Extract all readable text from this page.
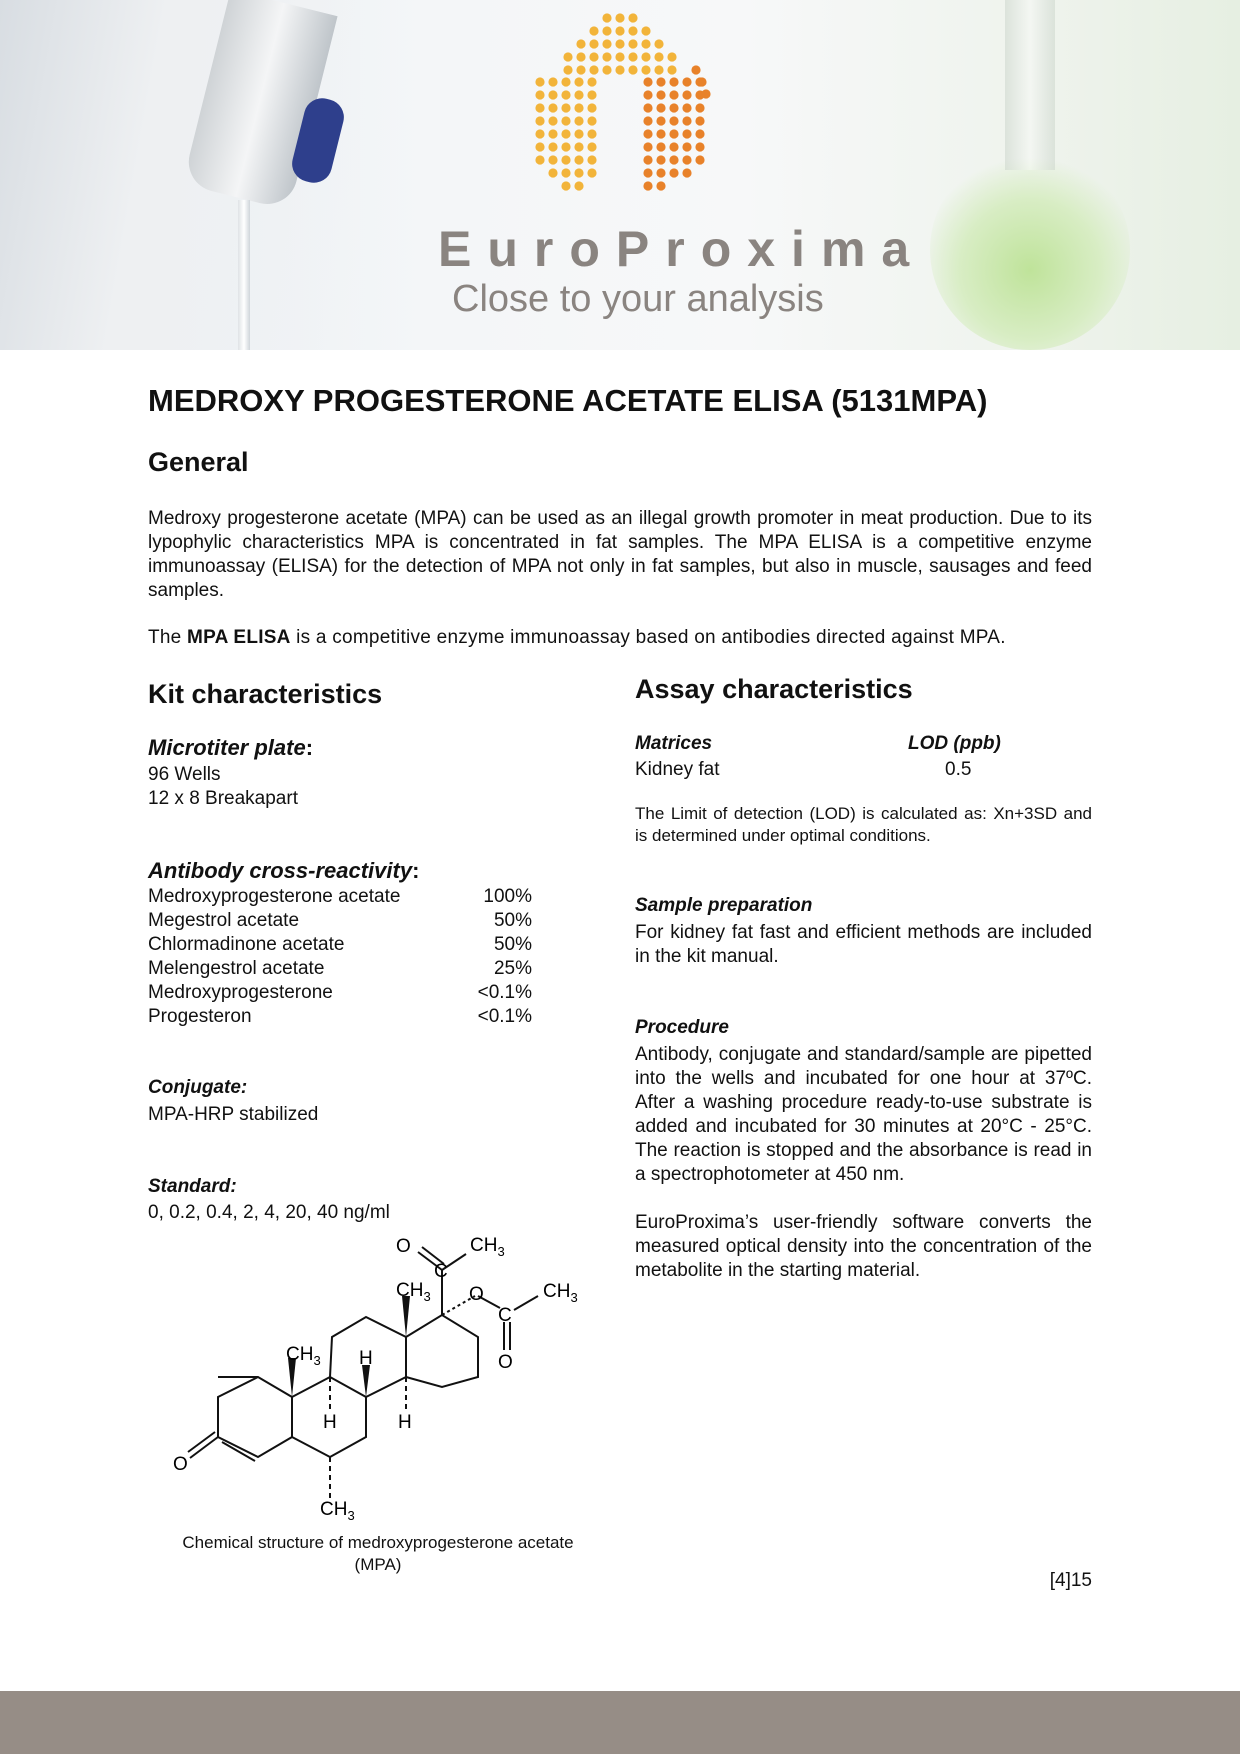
EuroProxima
Close to your analysis
MEDROXY PROGESTERONE ACETATE ELISA (5131MPA)
General
Medroxy progesterone acetate (MPA) can be used as an illegal growth promoter in meat production. Due to its lypophylic characteristics MPA is concentrated in fat samples. The MPA ELISA is a competitive enzyme immunoassay (ELISA) for the detection of MPA not only in fat samples, but also in muscle, sausages and feed samples.
The MPA ELISA is a competitive enzyme immunoassay based on antibodies directed against MPA.
Kit characteristics
Microtiter plate:
96 Wells
12 x 8 Breakapart
Antibody cross-reactivity:
Medroxyprogesterone acetate	100%
Megestrol acetate	50%
Chlormadinone acetate	50%
Melengestrol acetate	25%
Medroxyprogesterone	<0.1%
Progesteron	<0.1%
Conjugate:
MPA-HRP stabilized
Standard:
0, 0.2, 0.4, 2, 4, 20, 40 ng/ml
O
$CH_3$ H
H	H
$CH_3$
$CH_3$
C
O	$CH_3$
O
C
O
$CH_3$
Chemical structure of medroxyprogesterone acetate
(MPA)
Assay characteristics
Matrices	LOD (ppb)
Kidney fat	0.5
The Limit of detection (LOD) is calculated as: Xn+3SD and is determined under optimal conditions.
Sample preparation
For kidney fat fast and efficient methods are included in the kit manual.
Procedure
Antibody, conjugate and standard/sample are pipetted into the wells and incubated for one hour at 37ºC. After a washing procedure ready-to-use substrate is added and incubated for 30 minutes at 20°C - 25°C. The reaction is stopped and the absorbance is read in a spectrophotometer at 450 nm.
EuroProxima’s user-friendly software converts the measured optical density into the concentration of the metabolite in the starting material.
[4]15
